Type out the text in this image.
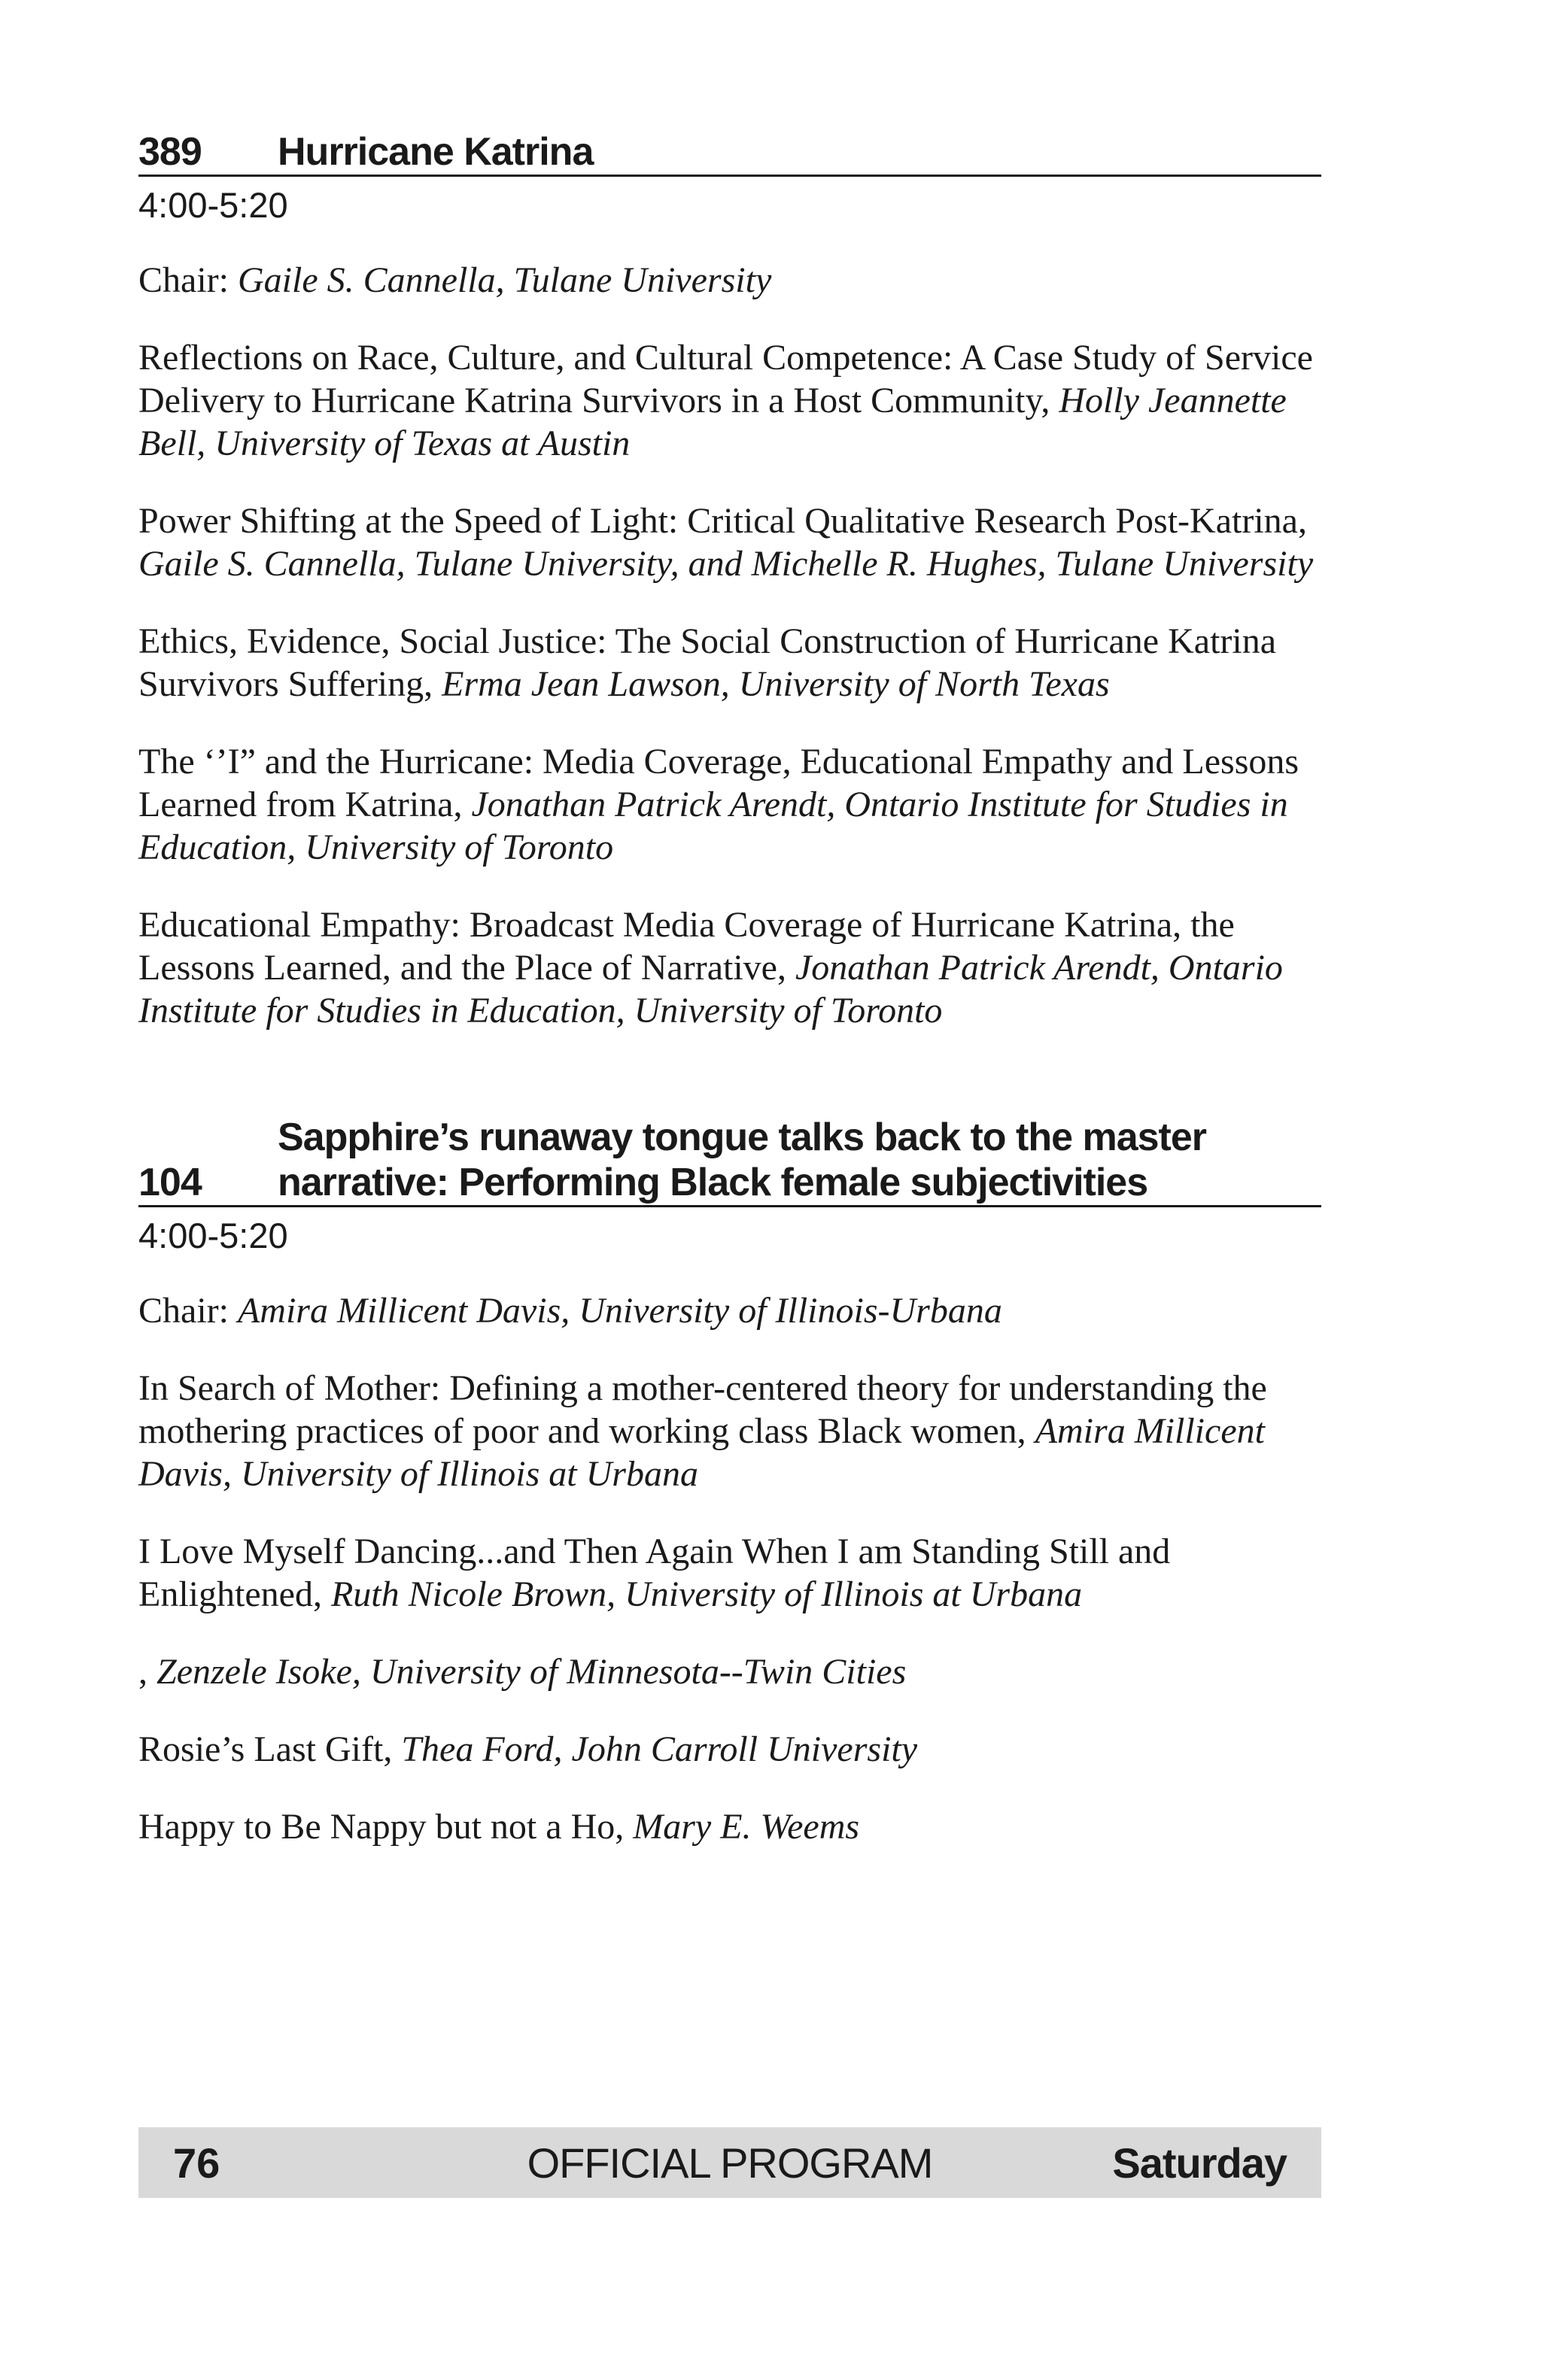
389	Hurricane Katrina
4:00-5:20
Chair: Gaile S. Cannella, Tulane University
Reflections on Race, Culture, and Cultural Competence: A Case Study of Service Delivery to Hurricane Katrina Survivors in a Host Community, Holly Jeannette Bell, University of Texas at Austin
Power Shifting at the Speed of Light: Critical Qualitative Research Post-Katrina, Gaile S. Cannella, Tulane University, and Michelle R. Hughes, Tulane University
Ethics, Evidence, Social Justice: The Social Construction of Hurricane Katrina Survivors Suffering, Erma Jean Lawson, University of North Texas
The ‘’I” and the Hurricane: Media Coverage, Educational Empathy and Lessons Learned from Katrina, Jonathan Patrick Arendt, Ontario Institute for Studies in Education, University of Toronto
Educational Empathy: Broadcast Media Coverage of Hurricane Katrina, the Lessons Learned, and the Place of Narrative, Jonathan Patrick Arendt, Ontario Institute for Studies in Education, University of Toronto
104
Sapphire’s runaway tongue talks back to the master narrative: Performing Black female subjectivities
4:00-5:20
Chair: Amira Millicent Davis, University of Illinois-Urbana
In Search of Mother: Defining a mother-centered theory for understanding the mothering practices of poor and working class Black women, Amira Millicent Davis, University of Illinois at Urbana
I Love Myself Dancing...and Then Again When I am Standing Still and Enlightened, Ruth Nicole Brown, University of Illinois at Urbana
, Zenzele Isoke, University of Minnesota--Twin Cities
Rosie’s Last Gift, Thea Ford, John Carroll University
Happy to Be Nappy but not a Ho, Mary E. Weems
76	OFFICIAL PROGRAM	Saturday
